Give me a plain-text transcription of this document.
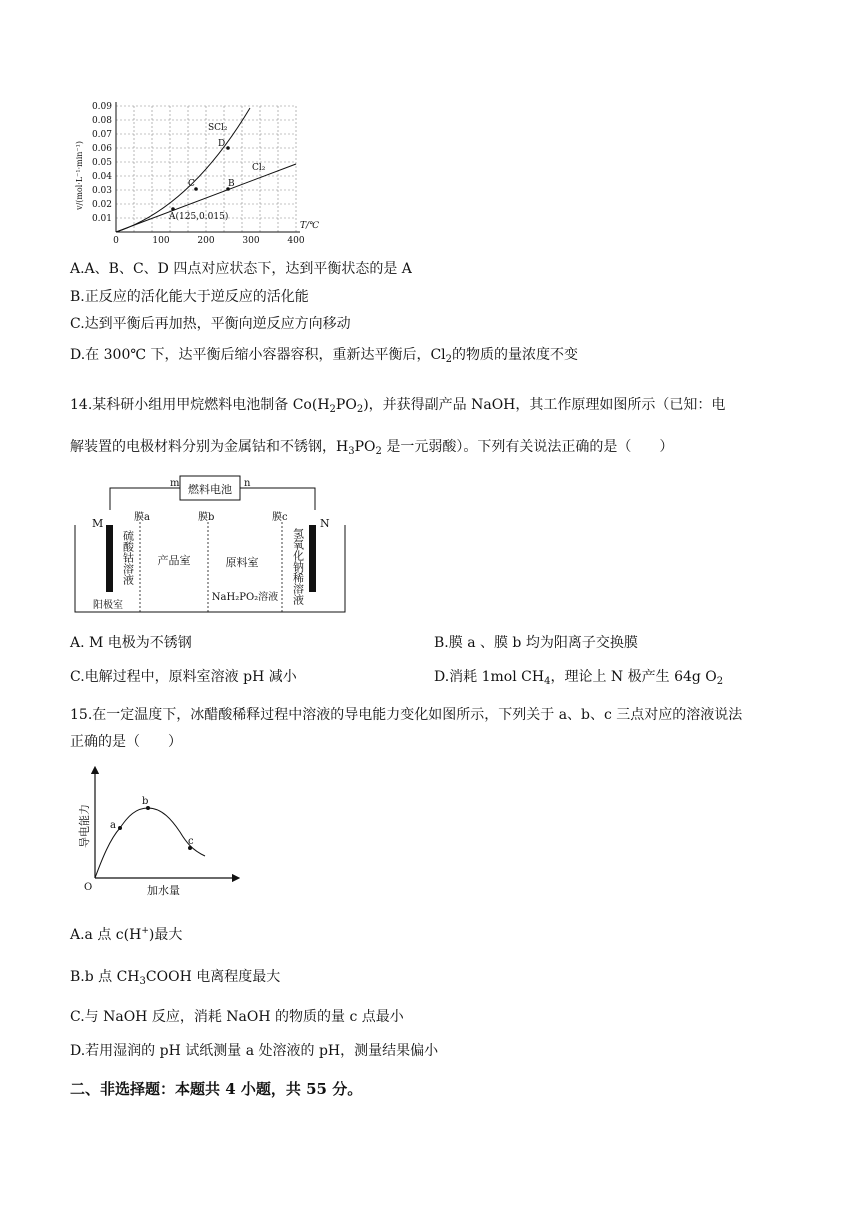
0.09
0.08
0.07
0.06
0.05
0.04
0.03
0.02
0.01
0	100	200	300	400
T/℃
v/(mol·L⁻¹·min⁻¹)
SCl₂
Cl₂
A(125,0.015)
B
C
D
A.A、B、C、D 四点对应状态下，达到平衡状态的是 A
B.正反应的活化能大于逆反应的活化能
C.达到平衡后再加热，平衡向逆反应方向移动
D.在 300℃ 下，达平衡后缩小容器容积，重新达平衡后，$Cl_2$的物质的量浓度不变
14.某科研小组用甲烷燃料电池制备 $Co(H_2PO_2)$，并获得副产品 NaOH，其工作原理如图所示（已知：电
解装置的电极材料分别为金属钴和不锈钢，$H_3PO_2$ 是一元弱酸）。下列有关说法正确的是（　　）
燃料电池
m	n
M	N
膜a	膜b	膜c
硫酸钴溶液	氢氧化钠稀溶液
产品室	原料室
NaH₂PO₂溶液
阳极室
A. M 电极为不锈钢	B.膜 a 、膜 b 均为阳离子交换膜
C.电解过程中，原料室溶液 pH 减小	D.消耗 1mol $CH_4$，理论上 N 极产生 64g $O_2$
15.在一定温度下，冰醋酸稀释过程中溶液的导电能力变化如图所示，下列关于 a、b、c 三点对应的溶液说法
正确的是（　　）
a
b
c
O	加水量
导电能力
A.a 点 c(H+)最大
B.b 点 $CH_3COOH$ 电离程度最大
C.与 NaOH 反应，消耗 NaOH 的物质的量 c 点最小
D.若用湿润的 pH 试纸测量 a 处溶液的 pH，测量结果偏小
二、非选择题：本题共 4 小题，共 55 分。
